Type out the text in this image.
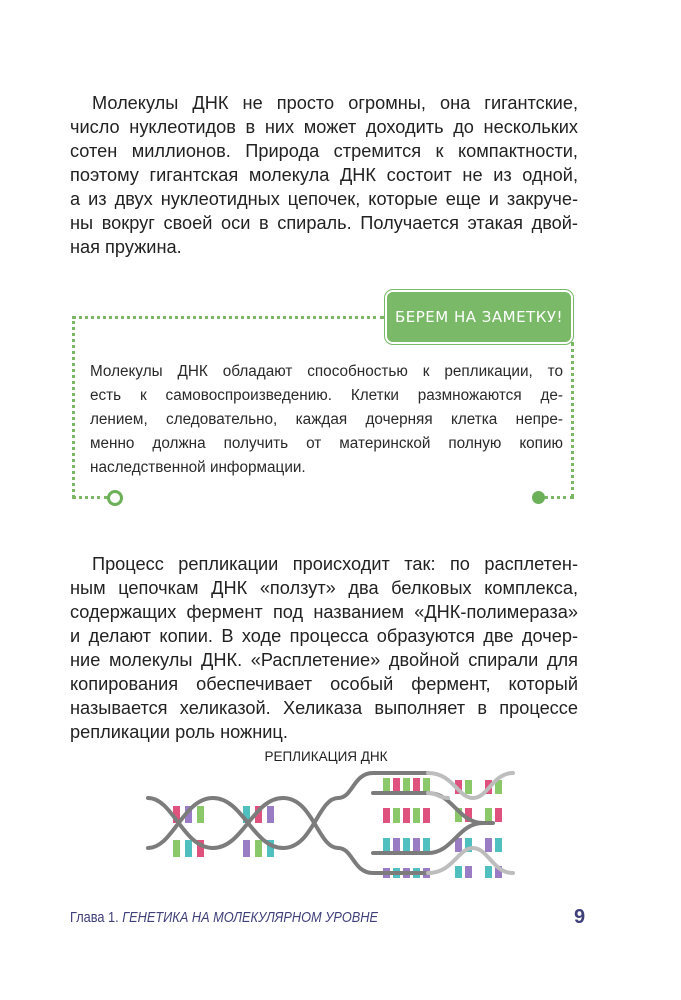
Молекулы ДНК не просто огромны, она гигантские,
число нуклеотидов в них может доходить до нескольких
сотен миллионов. Природа стремится к компактности,
поэтому гигантская молекула ДНК состоит не из одной,
а из двух нуклеотидных цепочек, которые еще и закруче-
ны вокруг своей оси в спираль. Получается этакая двой-
ная пружина.
БЕРЕМ НА ЗАМЕТКУ!
Молекулы ДНК обладают способностью к репликации, то
есть к самовоспроизведению. Клетки размножаются де-
лением, следовательно, каждая дочерняя клетка непре-
менно должна получить от материнской полную копию
наследственной информации.
Процесс репликации происходит так: по расплетен-
ным цепочкам ДНК «ползут» два белковых комплекса,
содержащих фермент под названием «ДНК-полимераза»
и делают копии. В ходе процесса образуются две дочер-
ние молекулы ДНК. «Расплетение» двойной спирали для
копирования обеспечивает особый фермент, который
называется хеликазой. Хеликаза выполняет в процессе
репликации роль ножниц.
РЕПЛИКАЦИЯ ДНК
Глава 1. ГЕНЕТИКА НА МОЛЕКУЛЯРНОМ УРОВНЕ	9
